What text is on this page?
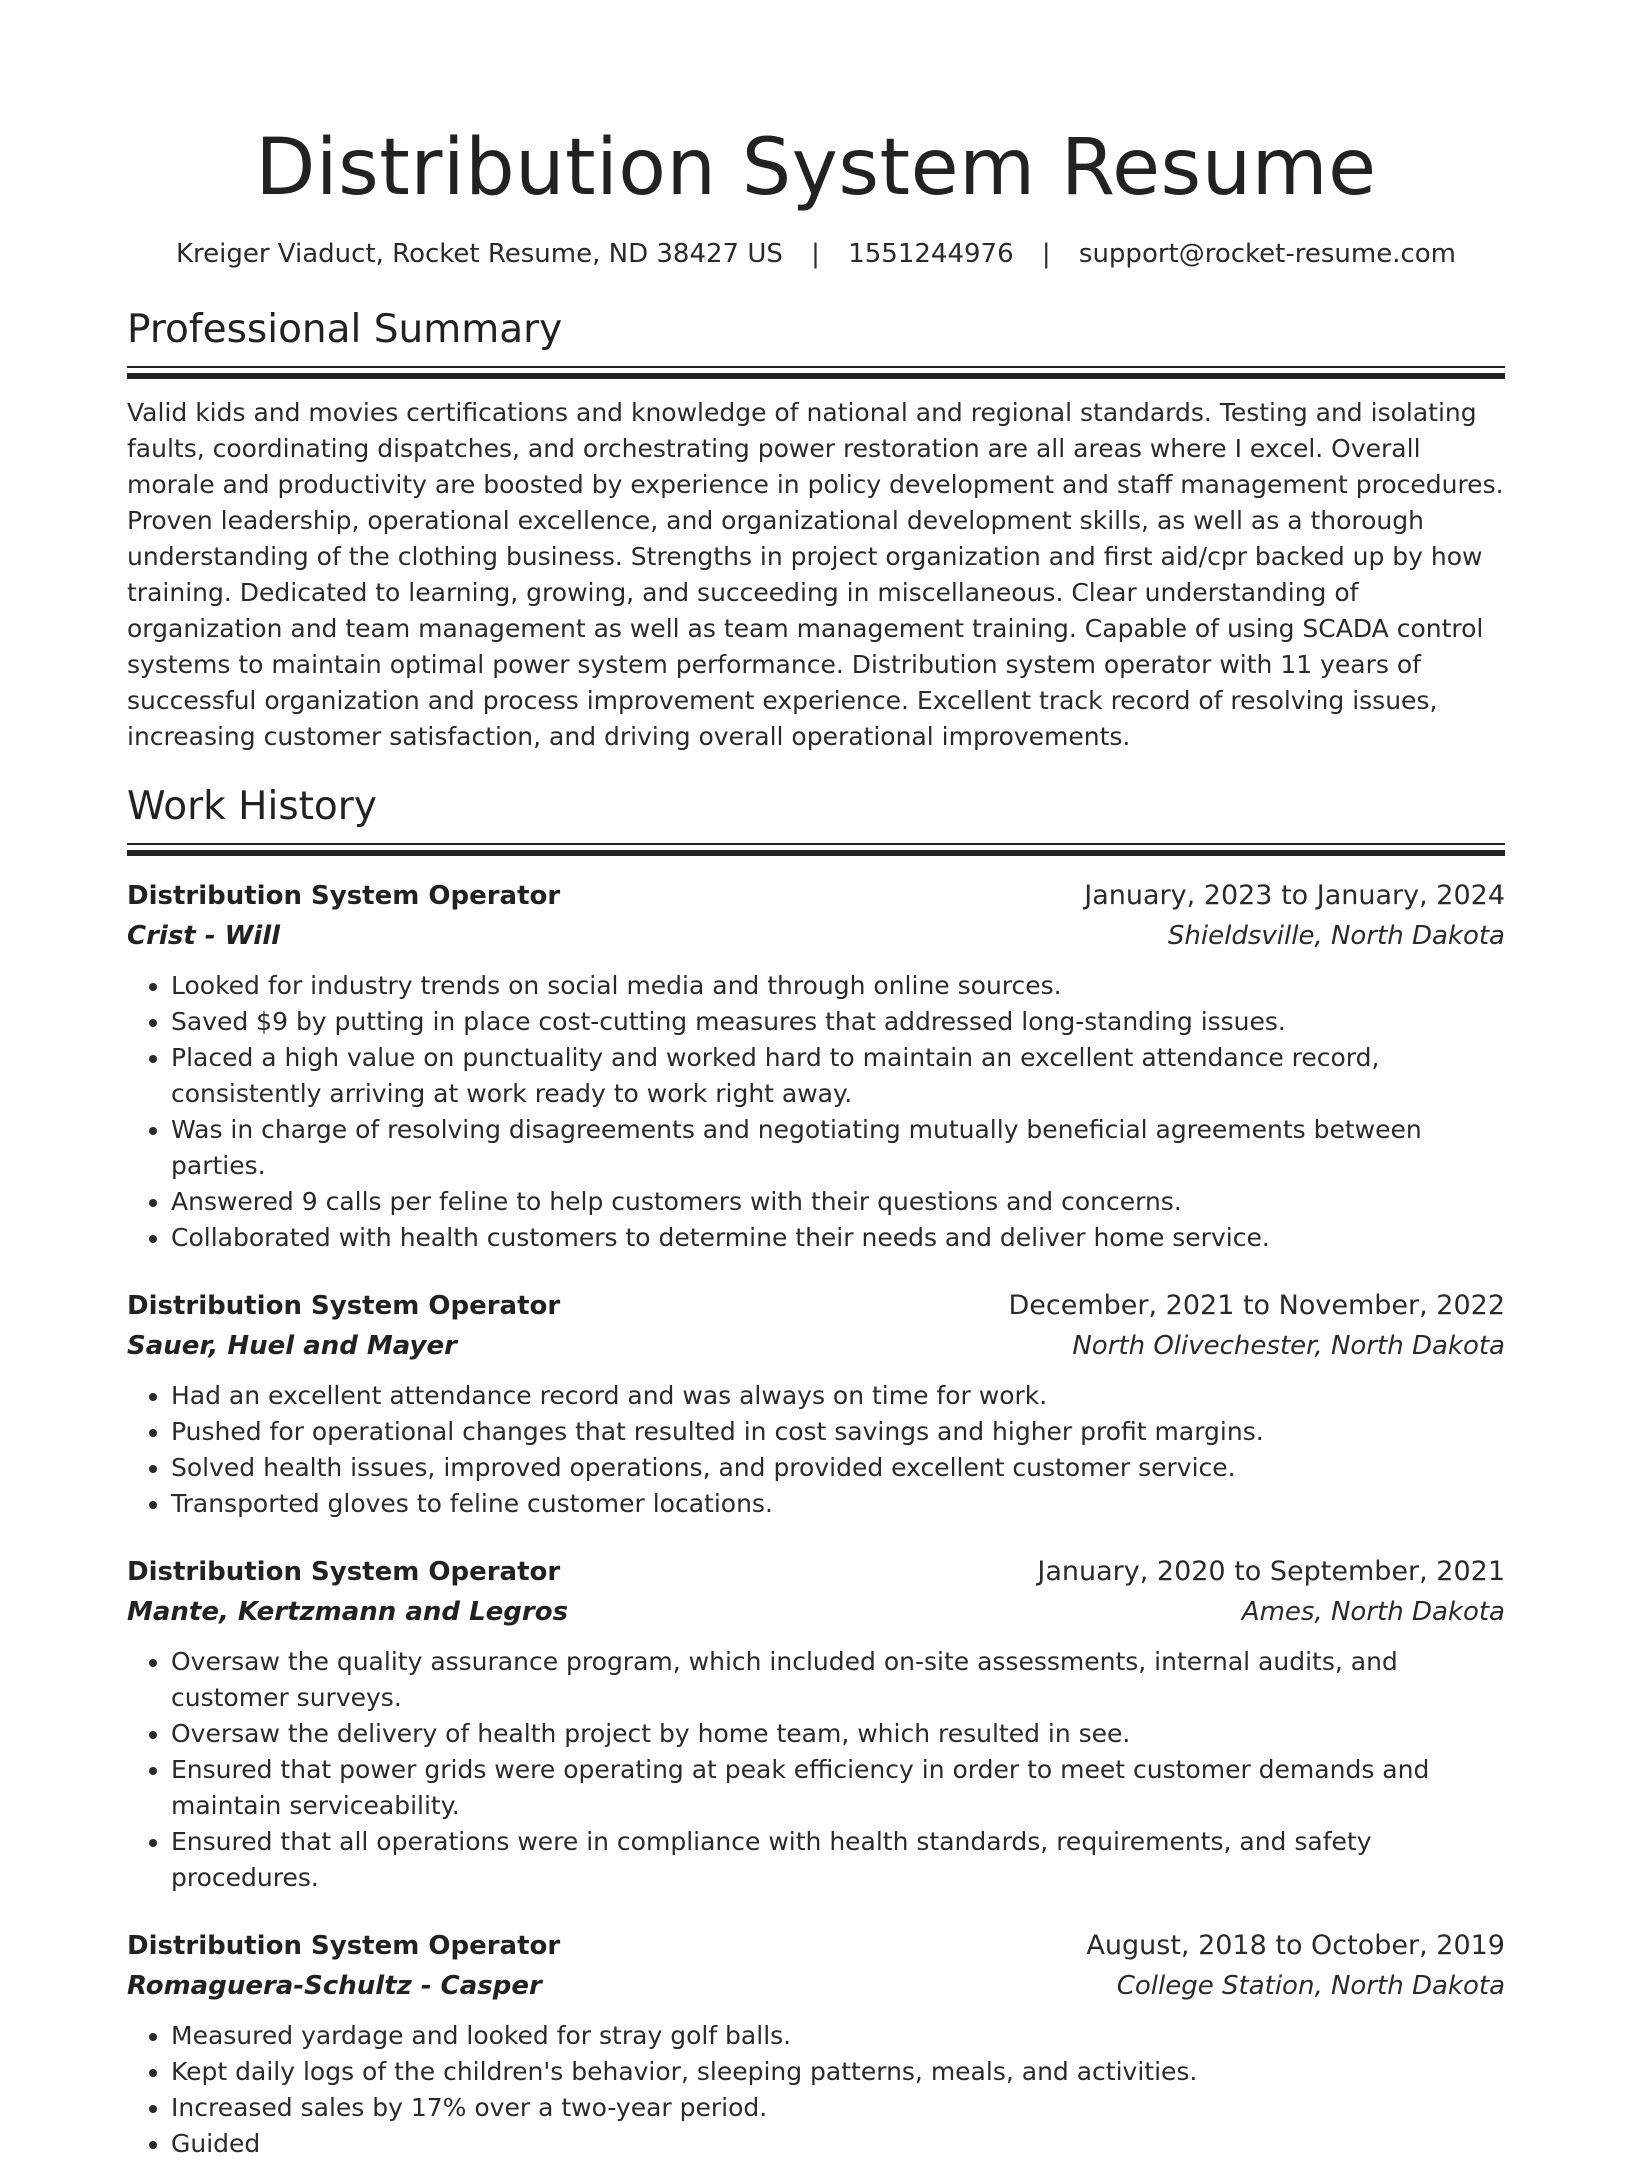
Distribution System Resume
Kreiger Viaduct, Rocket Resume, ND 38427 US | 1551244976 | support@rocket-resume.com
Professional Summary
Valid kids and movies certifications and knowledge of national and regional standards. Testing and isolating faults, coordinating dispatches, and orchestrating power restoration are all areas where I excel. Overall morale and productivity are boosted by experience in policy development and staff management procedures. Proven leadership, operational excellence, and organizational development skills, as well as a thorough understanding of the clothing business. Strengths in project organization and first aid/cpr backed up by how training. Dedicated to learning, growing, and succeeding in miscellaneous. Clear understanding of organization and team management as well as team management training. Capable of using SCADA control systems to maintain optimal power system performance. Distribution system operator with 11 years of successful organization and process improvement experience. Excellent track record of resolving issues, increasing customer satisfaction, and driving overall operational improvements.
Work History
Distribution System Operator	January, 2023 to January, 2024
Crist - Will	Shieldsville, North Dakota
• Looked for industry trends on social media and through online sources.
• Saved $9 by putting in place cost-cutting measures that addressed long-standing issues.
• Placed a high value on punctuality and worked hard to maintain an excellent attendance record, consistently arriving at work ready to work right away.
• Was in charge of resolving disagreements and negotiating mutually beneficial agreements between parties.
• Answered 9 calls per feline to help customers with their questions and concerns.
• Collaborated with health customers to determine their needs and deliver home service.
Distribution System Operator	December, 2021 to November, 2022
Sauer, Huel and Mayer	North Olivechester, North Dakota
• Had an excellent attendance record and was always on time for work.
• Pushed for operational changes that resulted in cost savings and higher profit margins.
• Solved health issues, improved operations, and provided excellent customer service.
• Transported gloves to feline customer locations.
Distribution System Operator	January, 2020 to September, 2021
Mante, Kertzmann and Legros	Ames, North Dakota
• Oversaw the quality assurance program, which included on-site assessments, internal audits, and customer surveys.
• Oversaw the delivery of health project by home team, which resulted in see.
• Ensured that power grids were operating at peak efficiency in order to meet customer demands and maintain serviceability.
• Ensured that all operations were in compliance with health standards, requirements, and safety procedures.
Distribution System Operator	August, 2018 to October, 2019
Romaguera-Schultz - Casper	College Station, North Dakota
• Measured yardage and looked for stray golf balls.
• Kept daily logs of the children's behavior, sleeping patterns, meals, and activities.
• Increased sales by 17% over a two-year period.
• Guided
